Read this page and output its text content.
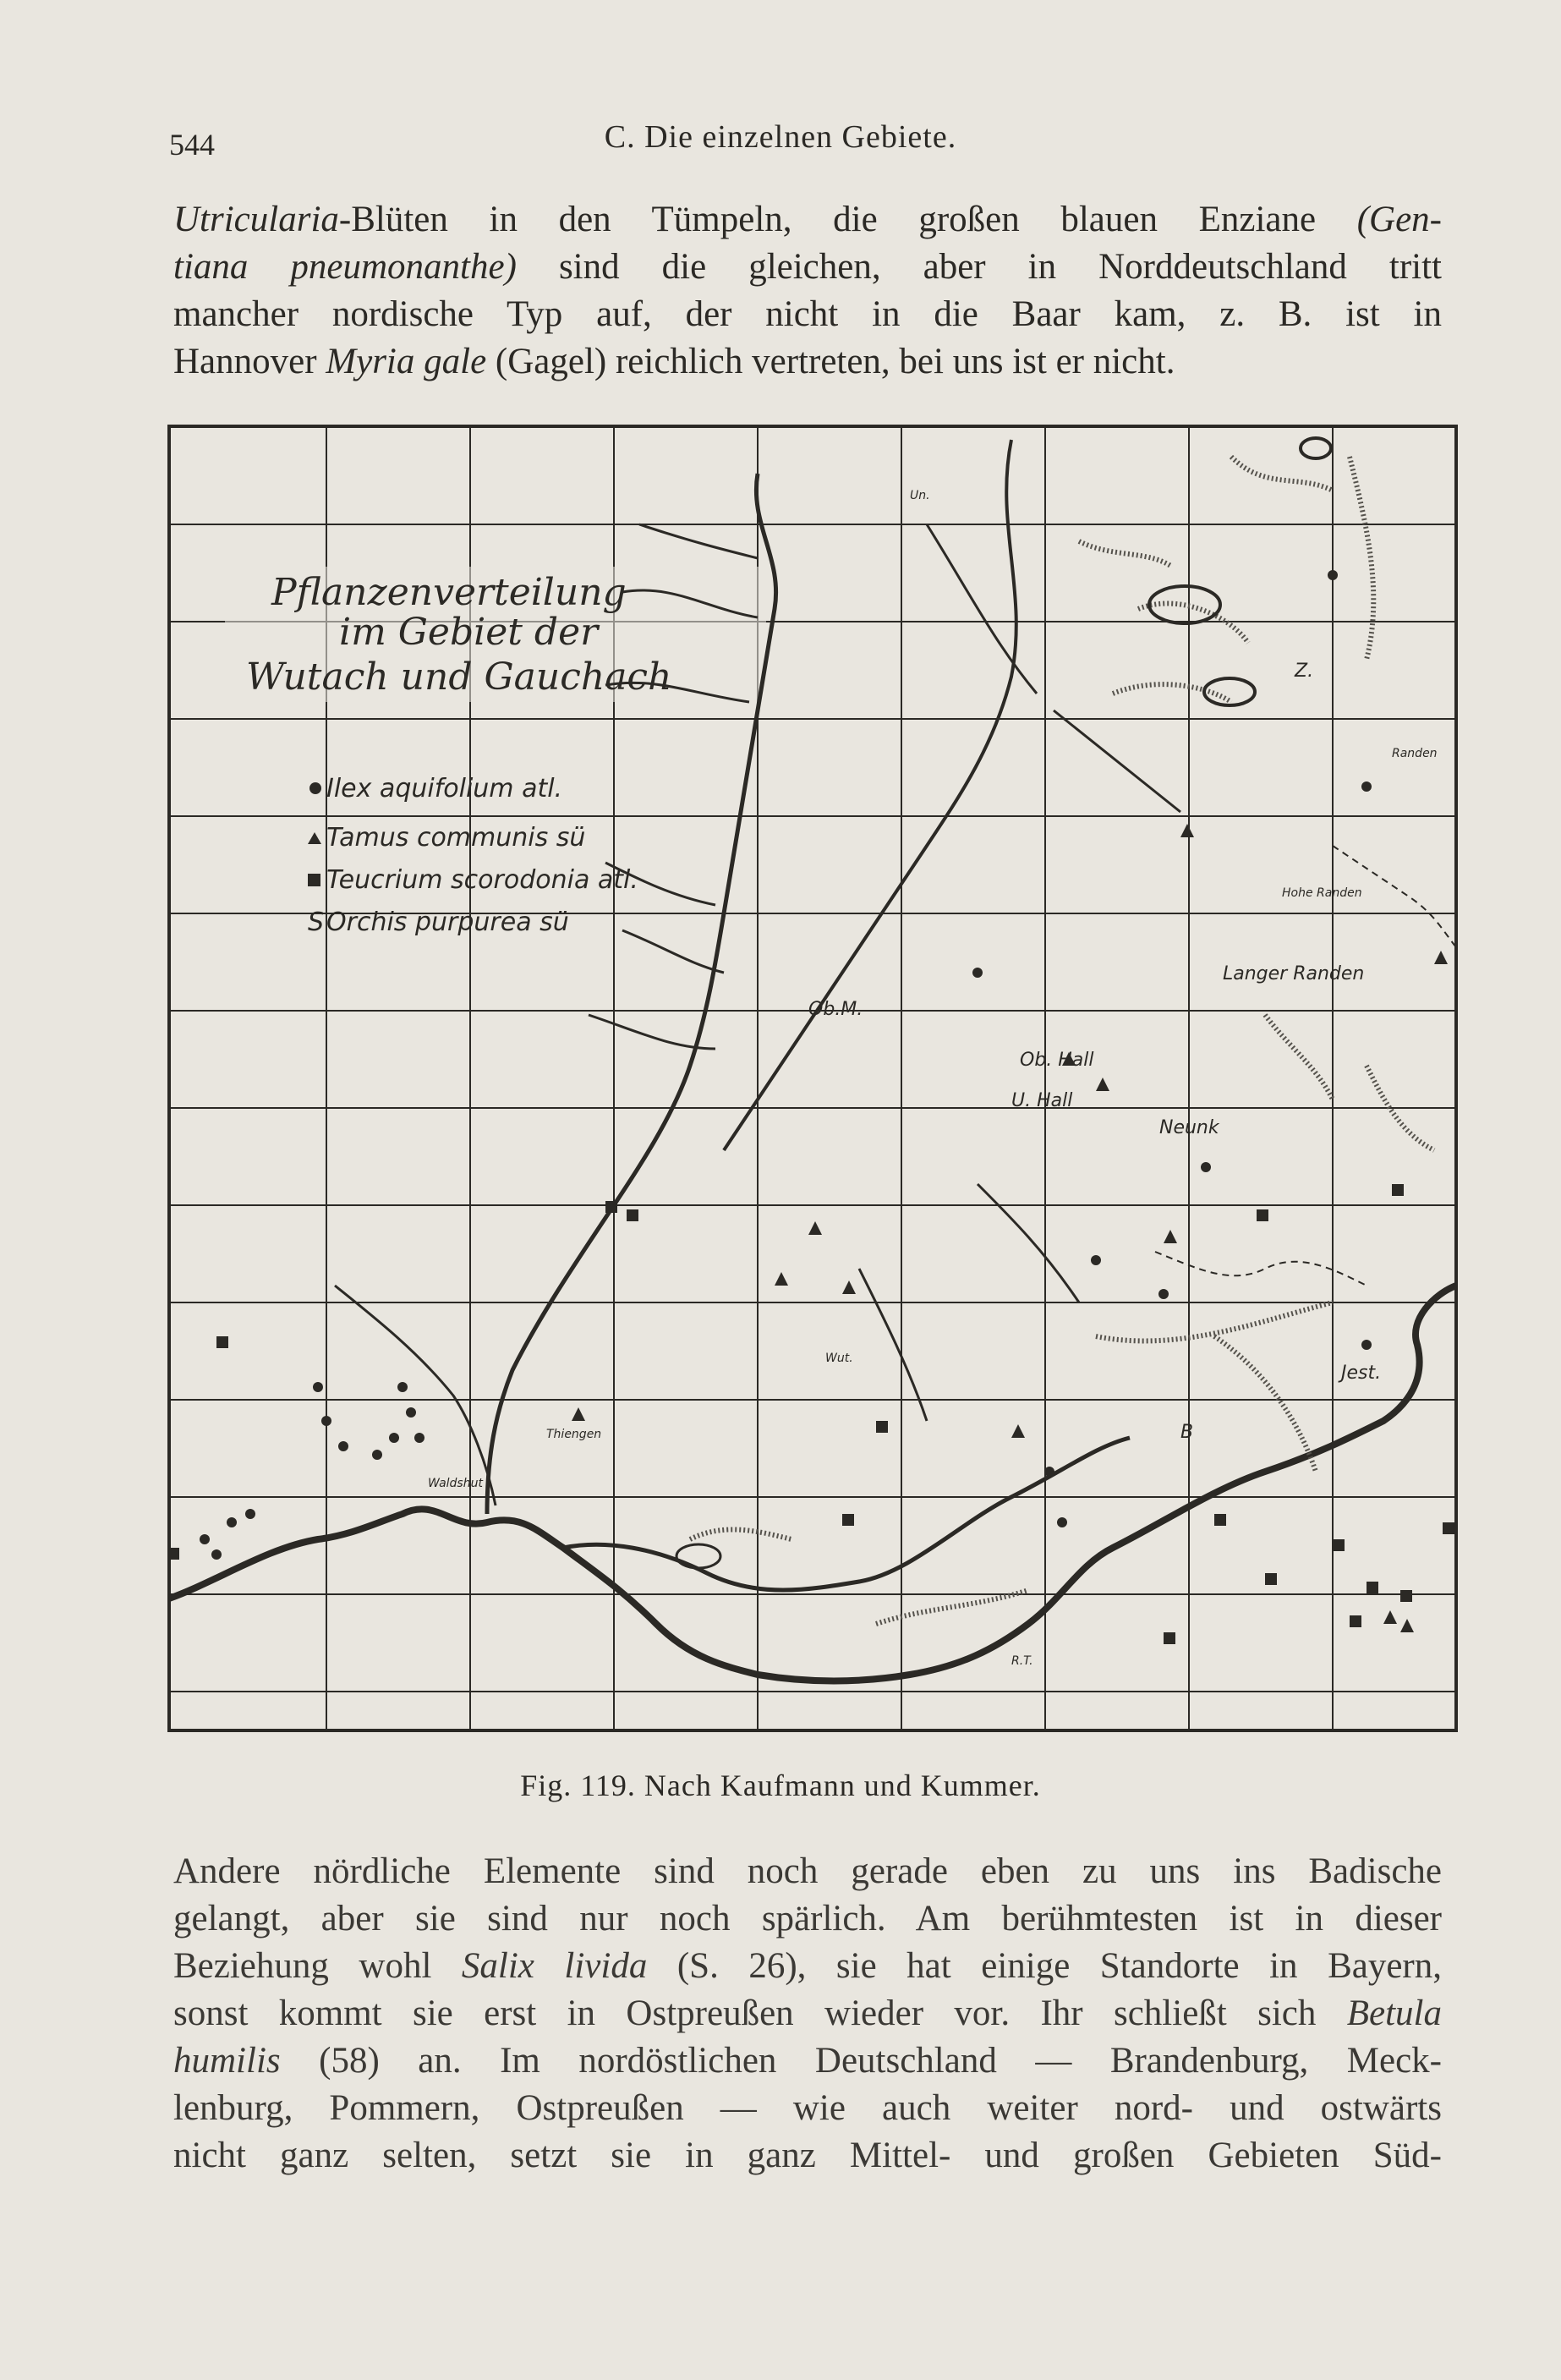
544	C. Die einzelnen Gebiete.
Utricularia-Blüten in den Tümpeln, die großen blauen Enziane (Gen-
tiana pneumonanthe) sind die gleichen, aber in Norddeutschland tritt
mancher nordische Typ auf, der nicht in die Baar kam, z. B. ist in
Hannover Myria gale (Gagel) reichlich vertreten, bei uns ist er nicht.
Pflanzenverteilung
im Gebiet der
Wutach und Gauchach
Ilex aquifolium atl.
Tamus communis sü
Teucrium scorodonia atl.
Orchis purpurea sü
S
Ob. Hall
U. Hall
Neunk
Langer Randen
Hohe Randen
Randen
Thiengen
Waldshut
Jest.
Ob.M.
Wut.
Un.
Z.
B
R.T.
Fig. 119. Nach Kaufmann und Kummer.
Andere nördliche Elemente sind noch gerade eben zu uns ins Badische
gelangt, aber sie sind nur noch spärlich. Am berühmtesten ist in dieser
Beziehung wohl Salix livida (S. 26), sie hat einige Standorte in Bayern,
sonst kommt sie erst in Ostpreußen wieder vor. Ihr schließt sich Betula
humilis (58) an. Im nordöstlichen Deutschland — Brandenburg, Meck-
lenburg, Pommern, Ostpreußen — wie auch weiter nord- und ostwärts
nicht ganz selten, setzt sie in ganz Mittel- und großen Gebieten Süd-
